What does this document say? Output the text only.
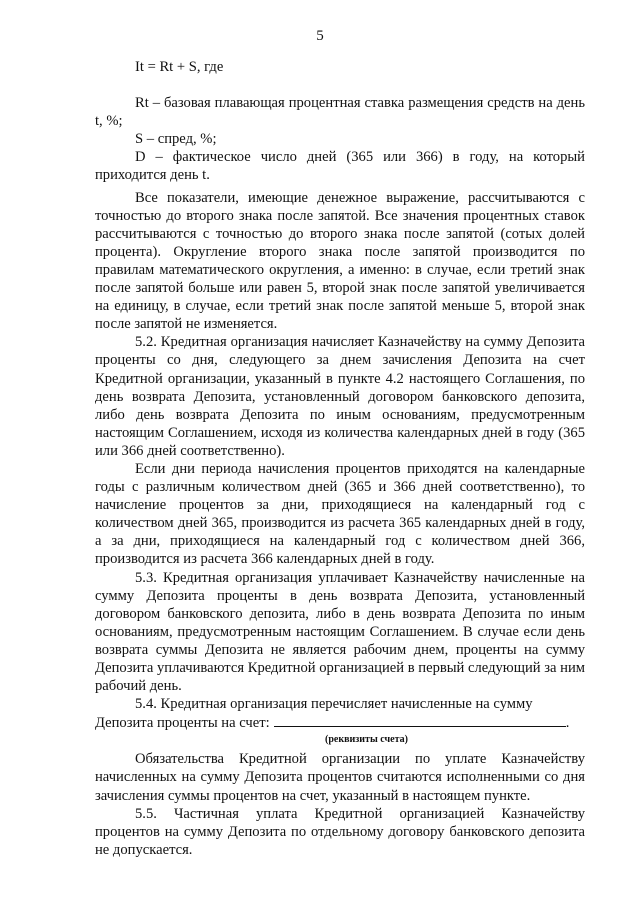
5

It = Rt + S, где

Rt – базовая плавающая процентная ставка размещения средств на день t, %;

S – спред, %;

D – фактическое число дней (365 или 366) в году, на который приходится день t.

Все показатели, имеющие денежное выражение, рассчитываются с точностью до второго знака после запятой. Все значения процентных ставок рассчитываются с точностью до второго знака после запятой (сотых долей процента). Округление второго знака после запятой производится по правилам математического округления, а именно: в случае, если третий знак после запятой больше или равен 5, второй знак после запятой увеличивается на единицу, в случае, если третий знак после запятой меньше 5, второй знак после запятой не изменяется.

5.2. Кредитная организация начисляет Казначейству на сумму Депозита проценты со дня, следующего за днем зачисления Депозита на счет Кредитной организации, указанный в пункте 4.2 настоящего Соглашения, по день возврата Депозита, установленный договором банковского депозита, либо день возврата Депозита по иным основаниям, предусмотренным настоящим Соглашением, исходя из количества календарных дней в году (365 или 366 дней соответственно).

Если дни периода начисления процентов приходятся на календарные годы с различным количеством дней (365 и 366 дней соответственно), то начисление процентов за дни, приходящиеся на календарный год с количеством дней 365, производится из расчета 365 календарных дней в году, а за дни, приходящиеся на календарный год с количеством дней 366, производится из расчета 366 календарных дней в году.

5.3. Кредитная организация уплачивает Казначейству начисленные на сумму Депозита проценты в день возврата Депозита, установленный договором банковского депозита, либо в день возврата Депозита по иным основаниям, предусмотренным настоящим Соглашением. В случае если день возврата суммы Депозита не является рабочим днем, проценты на сумму Депозита уплачиваются Кредитной организацией в первый следующий за ним рабочий день.

5.4. Кредитная организация перечисляет начисленные на сумму

Депозита проценты на счет:	.

(реквизиты счета)

Обязательства Кредитной организации по уплате Казначейству начисленных на сумму Депозита процентов считаются исполненными со дня зачисления суммы процентов на счет, указанный в настоящем пункте.

5.5. Частичная уплата Кредитной организацией Казначейству процентов на сумму Депозита по отдельному договору банковского депозита не допускается.
